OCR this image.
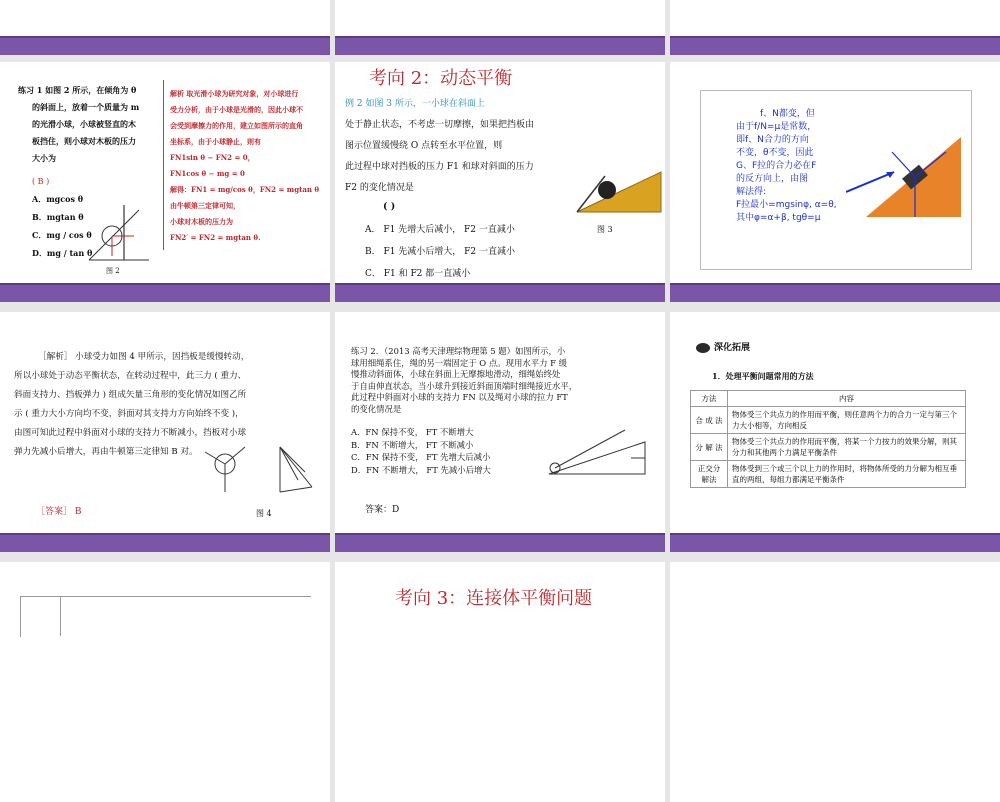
练习 1 如图 2 所示，在倾角为 θ
的斜面上，放着一个质量为 m
的光滑小球，小球被竖直的木
板挡住，则小球对木板的压力
大小为
( B )
A．mgcos θ
B．mgtan θ
C．mg / cos θ
D．mg / tan θ
图 2
解析 取光滑小球为研究对象，对小球进行
受力分析，由于小球是光滑的，因此小球不
会受到摩擦力的作用，建立如图所示的直角
坐标系，由于小球静止，则有
FN1sin θ − FN2 = 0，
FN1cos θ − mg = 0
解得：FN1 = mg/cos θ，FN2 = mgtan θ
由牛顿第三定律可知，
小球对木板的压力为
FN2′ = FN2 = mgtan θ.
考向 2：动态平衡
例 2 如图 3 所示，一小球在斜面上
处于静止状态，不考虑一切摩擦，如果把挡板由
图示位置缓慢绕 O 点转至水平位置，则
此过程中球对挡板的压力 F1 和球对斜面的压力
F2 的变化情况是
( )
A． F1 先增大后减小， F2 一直减小
B． F1 先减小后增大， F2 一直减小
C． F1 和 F2 都一直减小
图 3
f、N都变，但
由于f/N=μ是常数，
即f、N合力的方向
不变，θ不变，因此
G、F拉的合力必在F
的反方向上，由图
解法得:
F拉最小=mgsinφ, α=θ,
其中φ=α+β, tgθ=μ
［解析］ 小球受力如图 4 甲所示，因挡板是缓慢转动，
所以小球处于动态平衡状态，在转动过程中，此三力 ( 重力、
斜面支持力、挡板弹力 ) 组成矢量三角形的变化情况如图乙所
示 ( 重力大小方向均不变，斜面对其支持力方向始终不变 )，
由图可知此过程中斜面对小球的支持力不断减小，挡板对小球
弹力先减小后增大，再由牛顿第三定律知 B 对。
［答案］ B	图 4
练习 2．（2013 高考天津理综物理第 5 题）如图所示，小
球用细绳系住，绳的另一端固定于 O 点。现用水平力 F 缓
慢推动斜面体，小球在斜面上无摩擦地滑动，细绳始终处
于自由伸直状态，当小球升到接近斜面顶端时细绳接近水平，
此过程中斜面对小球的支持力 FN 以及绳对小球的拉力 FT
的变化情况是
A．FN 保持不变， FT 不断增大
B．FN 不断增大， FT 不断减小
C．FN 保持不变， FT 先增大后减小
D．FN 不断增大， FT 先减小后增大
答案：D
深化拓展
1．处理平衡问题常用的方法
方法	内容
合 成 法	物体受三个共点力的作用而平衡，则任意两个力的合力一定与第三个力大小相等，方向相反
分 解 法	物体受三个共点力的作用而平衡，将某一个力按力的效果分解，则其分力和其他两个力满足平衡条件
正交分解法	物体受到三个或三个以上力的作用时，将物体所受的力分解为相互垂直的两组，每组力都满足平衡条件
考向 3：连接体平衡问题
